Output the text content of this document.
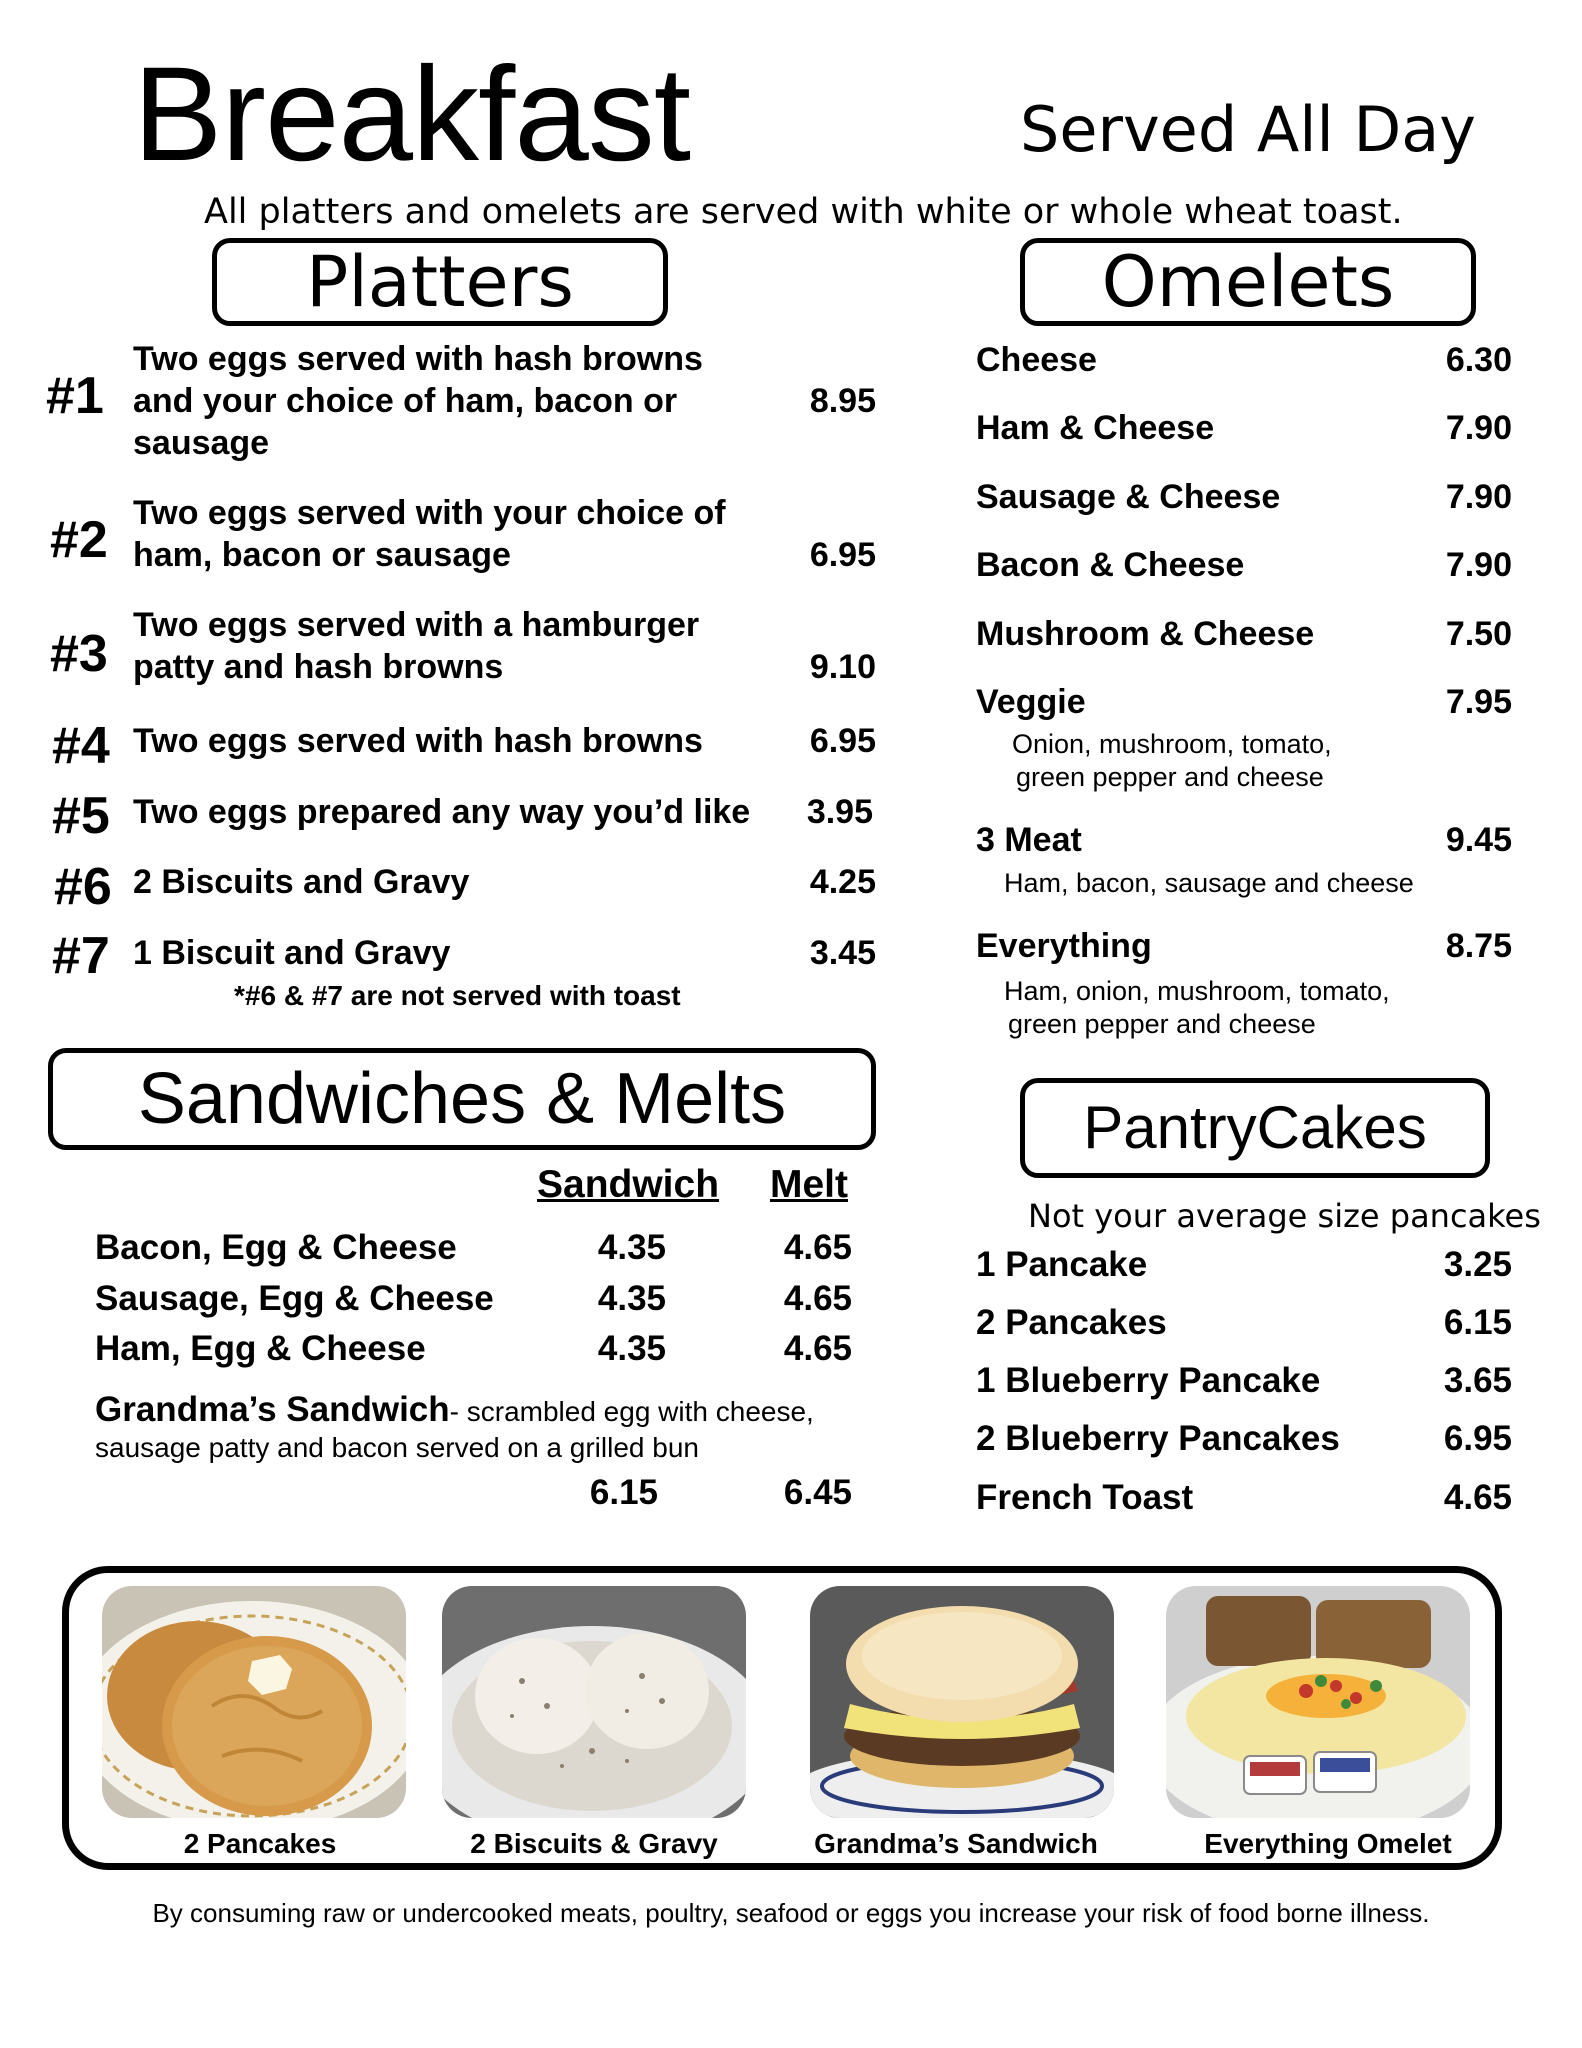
Breakfast	Served All Day
All platters and omelets are served with white or whole wheat toast.
Platters	Omelets
Sandwiches & Melts	PantryCakes
#1
Two eggs served with hash browns
and your choice of ham, bacon or
sausage
8.95
#2 Two eggs served with your choice of
ham, bacon or sausage	6.95
#3 Two eggs served with a hamburger
patty and hash browns	9.10
#4 Two eggs served with hash browns	6.95
#5 Two eggs prepared any way you’d like	3.95
#6 2 Biscuits and Gravy	4.25
#7 1 Biscuit and Gravy	3.45
*#6 & #7 are not served with toast
Cheese	6.30
Ham & Cheese	7.90
Sausage & Cheese	7.90
Bacon & Cheese	7.90
Mushroom & Cheese	7.50
Veggie	7.95
Onion, mushroom, tomato,
green pepper and cheese
3 Meat	9.45
Ham, bacon, sausage and cheese
Everything	8.75
Ham, onion, mushroom, tomato,
green pepper and cheese
Sandwich Melt
Bacon, Egg & Cheese	4.35	4.65
Sausage, Egg & Cheese	4.35	4.65
Ham, Egg & Cheese	4.35	4.65
Grandma’s Sandwich- scrambled egg with cheese,
sausage patty and bacon served on a grilled bun
6.15	6.45
Not your average size pancakes
1 Pancake	3.25
2 Pancakes	6.15
1 Blueberry Pancake	3.65
2 Blueberry Pancakes	6.95
French Toast	4.65
2 Pancakes	2 Biscuits & Gravy	Grandma’s Sandwich	Everything Omelet
By consuming raw or undercooked meats, poultry, seafood or eggs you increase your risk of food borne illness.
